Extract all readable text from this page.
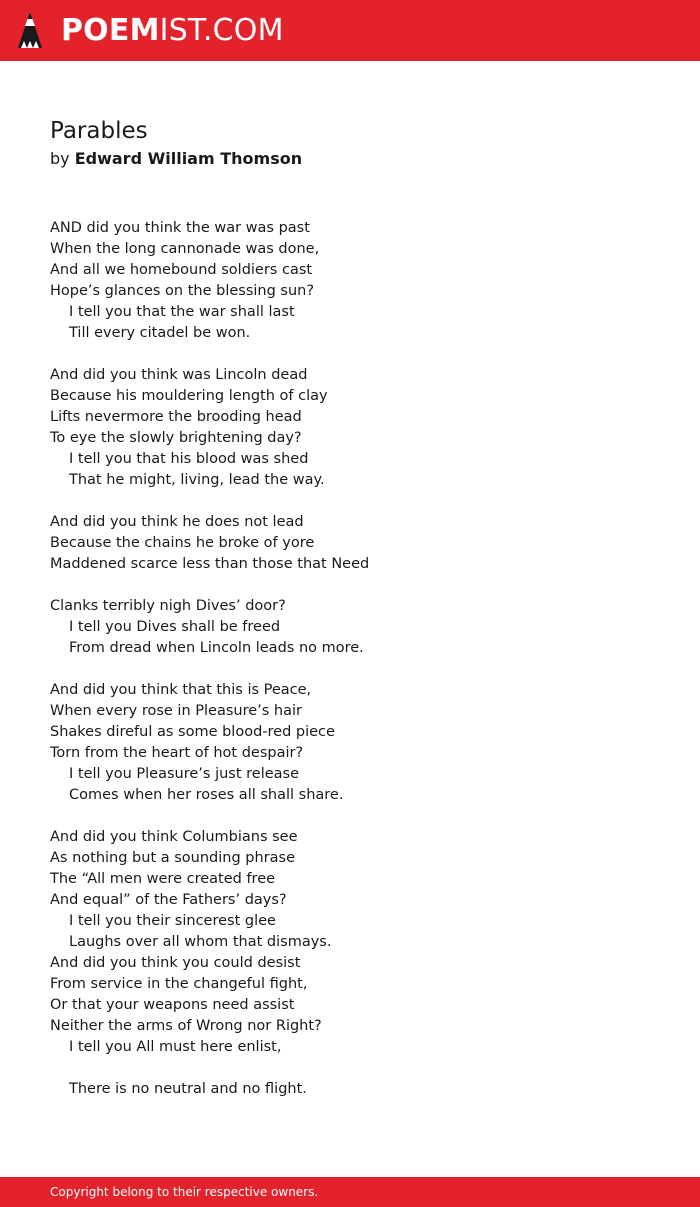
POEMIST.COM
Parables
by Edward William Thomson
AND did you think the war was past
When the long cannonade was done,
And all we homebound soldiers cast
Hope’s glances on the blessing sun?
I tell you that the war shall last
Till every citadel be won.
And did you think was Lincoln dead
Because his mouldering length of clay
Lifts nevermore the brooding head
To eye the slowly brightening day?
I tell you that his blood was shed
That he might, living, lead the way.
And did you think he does not lead
Because the chains he broke of yore
Maddened scarce less than those that Need
Clanks terribly nigh Dives’ door?
I tell you Dives shall be freed
From dread when Lincoln leads no more.
And did you think that this is Peace,
When every rose in Pleasure’s hair
Shakes direful as some blood-red piece
Torn from the heart of hot despair?
I tell you Pleasure’s just release
Comes when her roses all shall share.
And did you think Columbians see
As nothing but a sounding phrase
The “All men were created free
And equal” of the Fathers’ days?
I tell you their sincerest glee
Laughs over all whom that dismays.
And did you think you could desist
From service in the changeful fight,
Or that your weapons need assist
Neither the arms of Wrong nor Right?
I tell you All must here enlist,
There is no neutral and no flight.
Copyright belong to their respective owners.
